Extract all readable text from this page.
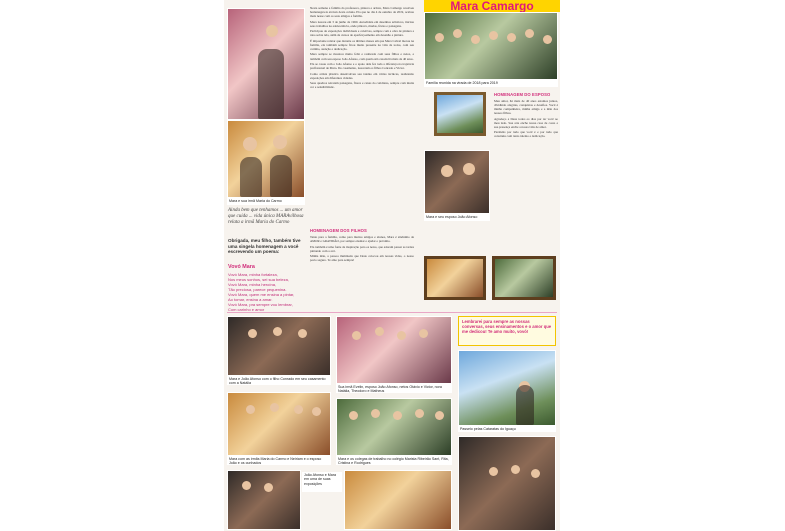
Mara e sua irmã Maria do Carmo
Ainda bem que tenhamos ... um amor que cuida ... vida única MARAvilhosa relata a irmã Maria do Carmo
Obrigada, meu filho, também tive uma singela homenagem a você escrevendo um poema:
Vovó Mara
Vovó Mara, minha fortaleza,
Nos meus sonhos, sei sua beleza,
Vovó Mara, minha heroína,
Tão preciosa, parece pequenina.
Vovó Mara, quem me ensina a pintar,
Ao tomar, ensina a amar.
Vovó Mara, pra sempre vou lembrar,
Com carinho e amor

Nesta semana a família da professora, pintora e artista, Mara Camargo resolveu homenageá-la através desta coluna. Ela que no dia 4 de outubro de 2019, acabou mais nesse com os seus amigos e família.

Mara nasceu em 3 de junho de 1960. Autodidata em desenhos artísticos, iniciou seus trabalhos na adolescência, onde pintava, mudas, frutas e paisagens.

Participou de exposições individuais e coletivas, sempre com a obra de pintura a óleo sobre tela, além de cursos de aperfeiçoamento em desenho e pintura.

É importante relatar que durante os últimos meses em que Mara Cabral morou na família, ela também sempre ficou muito presente na vida de todos, com seu carinho, atenção e dedicação.

Mara sempre se mostrou muito feliz e realizada com seus filhos e netos, e também com seu esposo João Afonso, com quem está casada há mais de 40 anos.

Ela se casou com o João Afonso e o apoio dele fez toda a diferença na trajetória profissional de Mara. Do casamento, nasceram os filhos Conrado e Victor.

Como artista plástica desenvolveu seu talento em várias técnicas, realizando exposições em diferentes cidades.

Seus quadros retratam paisagens, flores e cenas do cotidiano, sempre com muita cor e sensibilidade.

HOMENAGEM DOS FILHOS

Tanto para a família, como para muitos amigos e alunos, Mara é sinônimo de AMOR e GRATIDÃO, por sempre ensinar e ajudar o próximo.

Ela também é uma fonte de inspiração para os netos, que adoram passar as tardes pintando com a avó.

Minha mãe, a pessoa iluminada que Deus colocou em nossas vidas, o nosso porto seguro. Te amo para sempre!

Mara Camargo
Família reunida na virada de 2018 para 2019
Mara e seu esposo João Afonso
HOMENAGEM DO ESPOSO

Meu amor, há mais de 40 anos estamos juntos, dividindo alegrias, conquistas e desafios. Você é minha companheira, minha amiga e a mãe dos nossos filhos.

Agradeço a Deus todos os dias por ter você ao meu lado. Sua arte enche nossa casa de cores e sua presença enche a nossa vida de amor.

Parabéns por tudo que você é e por tudo que construiu com tanto talento e dedicação.

Mara e João Afonso com o filho Conrado em seu casamento com a Natália
Sua irmã Evelin, esposo João Afonso, netos Otávio e Victor, nora Natália, Theodoro e Matheus
Lembrarei para sempre as nossas conversas, seus ensinamentos e o amor que me dedicou! Te amo muito, vovó!
Passeio pelas Cataratas do Iguaçu
Mara com as irmãs Maria do Carmo e Neiriam e o esposo João e os cunhados
Mara e os colegas de trabalho no colégio Marista Ribeirão Sant, Rita, Cristina e Rodrigues
João Afonso e Mara em uma de suas exposições
